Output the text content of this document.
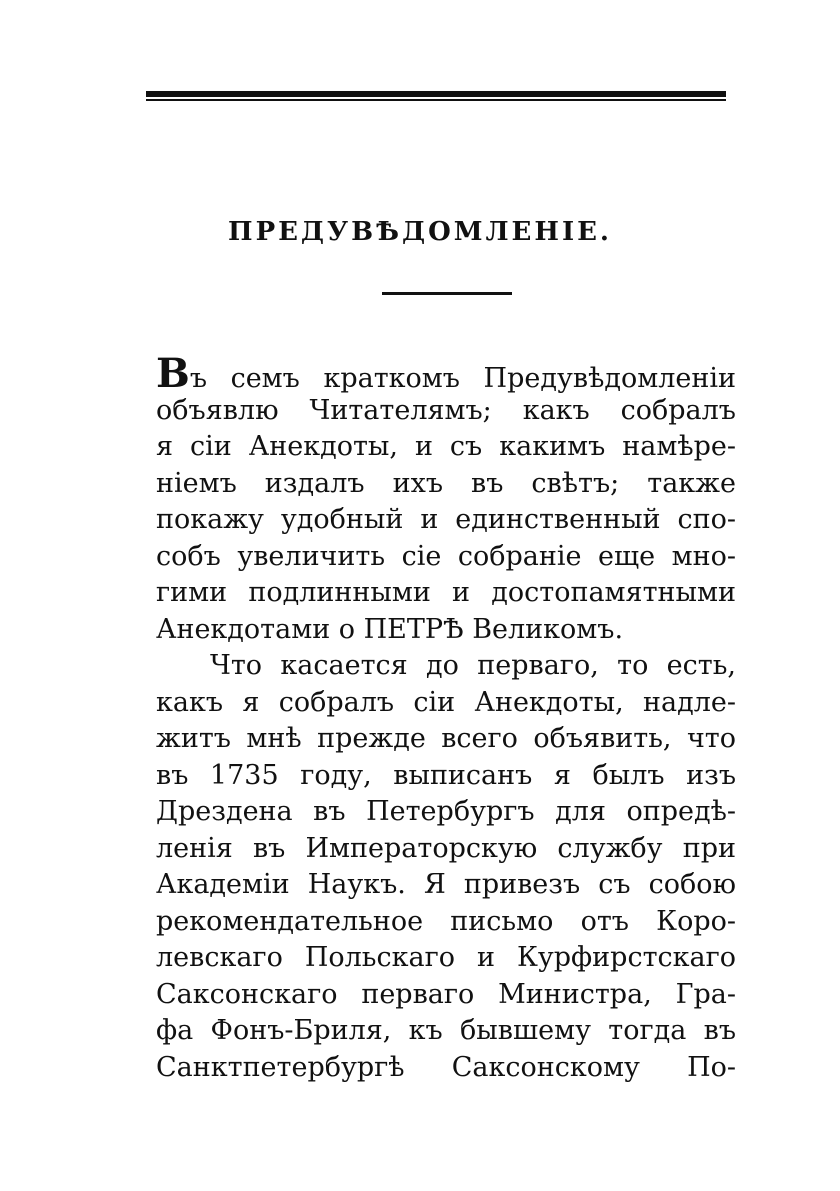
ПРЕДУВѢДОМЛЕНІЕ.
Въ семъ краткомъ Предувѣдомленіи
объявлю Читателямъ; какъ собралъ
я сіи Анекдоты, и съ какимъ намѣре-
ніемъ издалъ ихъ въ свѣтъ; также
покажу удобный и единственный спо-
собъ увеличить сіе собраніе еще мно-
гими подлинными и достопамятными
Анекдотами о ПЕТРѢ Великомъ.
Что касается до перваго, то есть,
какъ я собралъ сіи Анекдоты, надле-
житъ мнѣ прежде всего объявить, что
въ 1735 году, выписанъ я былъ изъ
Дрездена въ Петербургъ для опредѣ-
ленія въ Императорскую службу при
Академіи Наукъ. Я привезъ съ собою
рекомендательное письмо отъ Коро-
левскаго Польскаго и Курфирстскаго
Саксонскаго перваго Министра, Гра-
фа Фонъ-Бриля, къ бывшему тогда въ
Санктпетербургѣ Саксонскому По-
